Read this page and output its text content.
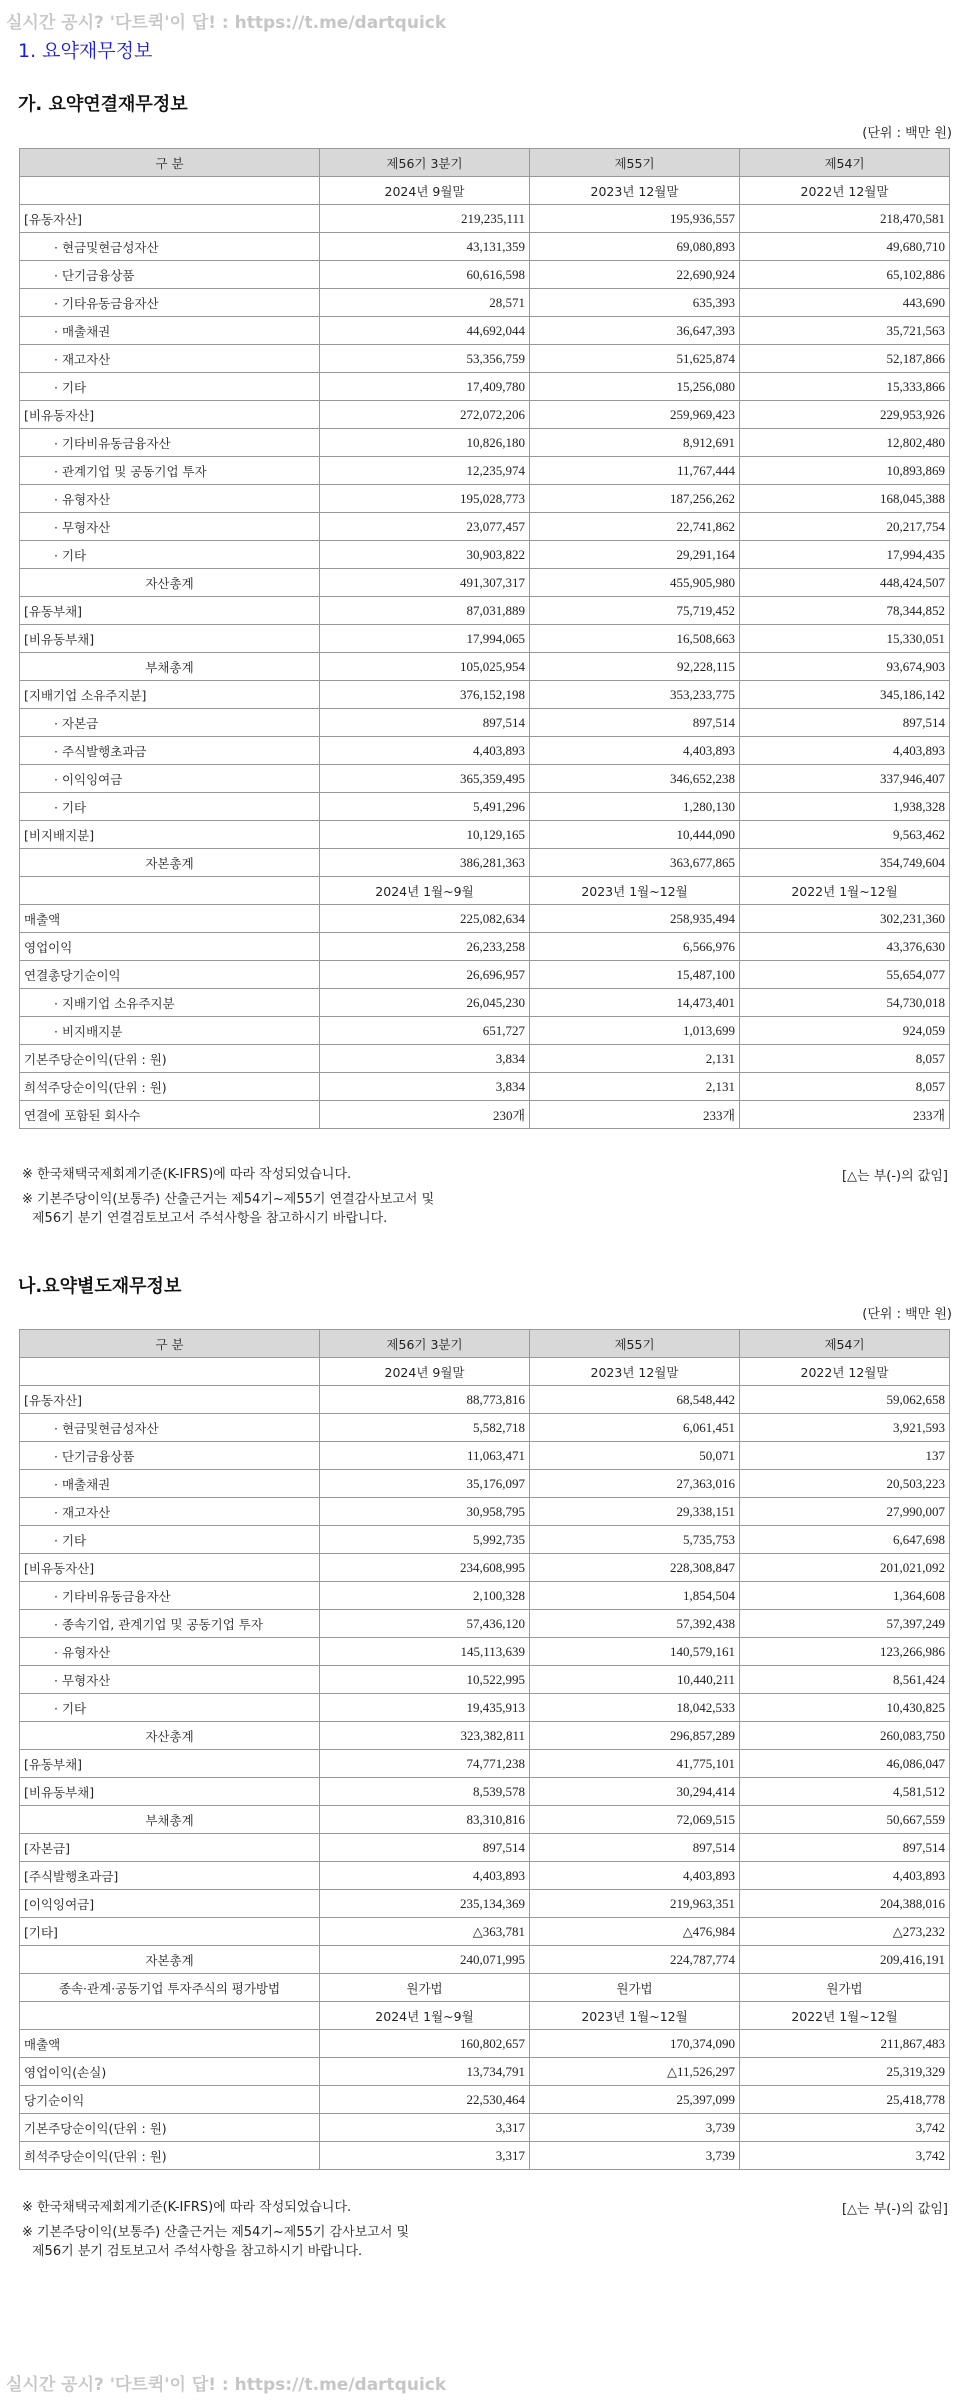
실시간 공시? '다트퀵'이 답! : https://t.me/dartquick
1. 요약재무정보
가. 요약연결재무정보
(단위 : 백만 원)
구 분	제56기 3분기	제55기	제54기
	2024년 9월말	2023년 12월말	2022년 12월말
[유동자산]	219,235,111	195,936,557	218,470,581
· 현금및현금성자산	43,131,359	69,080,893	49,680,710
· 단기금융상품	60,616,598	22,690,924	65,102,886
· 기타유동금융자산	28,571	635,393	443,690
· 매출채권	44,692,044	36,647,393	35,721,563
· 재고자산	53,356,759	51,625,874	52,187,866
· 기타	17,409,780	15,256,080	15,333,866
[비유동자산]	272,072,206	259,969,423	229,953,926
· 기타비유동금융자산	10,826,180	8,912,691	12,802,480
· 관계기업 및 공동기업 투자	12,235,974	11,767,444	10,893,869
· 유형자산	195,028,773	187,256,262	168,045,388
· 무형자산	23,077,457	22,741,862	20,217,754
· 기타	30,903,822	29,291,164	17,994,435
자산총계	491,307,317	455,905,980	448,424,507
[유동부채]	87,031,889	75,719,452	78,344,852
[비유동부채]	17,994,065	16,508,663	15,330,051
부채총계	105,025,954	92,228,115	93,674,903
[지배기업 소유주지분]	376,152,198	353,233,775	345,186,142
· 자본금	897,514	897,514	897,514
· 주식발행초과금	4,403,893	4,403,893	4,403,893
· 이익잉여금	365,359,495	346,652,238	337,946,407
· 기타	5,491,296	1,280,130	1,938,328
[비지배지분]	10,129,165	10,444,090	9,563,462
자본총계	386,281,363	363,677,865	354,749,604
	2024년 1월~9월	2023년 1월~12월	2022년 1월~12월
매출액	225,082,634	258,935,494	302,231,360
영업이익	26,233,258	6,566,976	43,376,630
연결총당기순이익	26,696,957	15,487,100	55,654,077
· 지배기업 소유주지분	26,045,230	14,473,401	54,730,018
· 비지배지분	651,727	1,013,699	924,059
기본주당순이익(단위 : 원)	3,834	2,131	8,057
희석주당순이익(단위 : 원)	3,834	2,131	8,057
연결에 포함된 회사수	230개	233개	233개
※ 한국채택국제회계기준(K-IFRS)에 따라 작성되었습니다.	[△는 부(-)의 값임]
※ 기본주당이익(보통주) 산출근거는 제54기~제55기 연결감사보고서 및
제56기 분기 연결검토보고서 주석사항을 참고하시기 바랍니다.
나.요약별도재무정보
(단위 : 백만 원)
구 분	제56기 3분기	제55기	제54기
	2024년 9월말	2023년 12월말	2022년 12월말
[유동자산]	88,773,816	68,548,442	59,062,658
· 현금및현금성자산	5,582,718	6,061,451	3,921,593
· 단기금융상품	11,063,471	50,071	137
· 매출채권	35,176,097	27,363,016	20,503,223
· 재고자산	30,958,795	29,338,151	27,990,007
· 기타	5,992,735	5,735,753	6,647,698
[비유동자산]	234,608,995	228,308,847	201,021,092
· 기타비유동금융자산	2,100,328	1,854,504	1,364,608
· 종속기업, 관계기업 및 공동기업 투자	57,436,120	57,392,438	57,397,249
· 유형자산	145,113,639	140,579,161	123,266,986
· 무형자산	10,522,995	10,440,211	8,561,424
· 기타	19,435,913	18,042,533	10,430,825
자산총계	323,382,811	296,857,289	260,083,750
[유동부채]	74,771,238	41,775,101	46,086,047
[비유동부채]	8,539,578	30,294,414	4,581,512
부채총계	83,310,816	72,069,515	50,667,559
[자본금]	897,514	897,514	897,514
[주식발행초과금]	4,403,893	4,403,893	4,403,893
[이익잉여금]	235,134,369	219,963,351	204,388,016
[기타]	△363,781	△476,984	△273,232
자본총계	240,071,995	224,787,774	209,416,191
종속·관계·공동기업 투자주식의 평가방법	원가법	원가법	원가법
	2024년 1월~9월	2023년 1월~12월	2022년 1월~12월
매출액	160,802,657	170,374,090	211,867,483
영업이익(손실)	13,734,791	△11,526,297	25,319,329
당기순이익	22,530,464	25,397,099	25,418,778
기본주당순이익(단위 : 원)	3,317	3,739	3,742
희석주당순이익(단위 : 원)	3,317	3,739	3,742
※ 한국채택국제회계기준(K-IFRS)에 따라 작성되었습니다.	[△는 부(-)의 값임]
※ 기본주당이익(보통주) 산출근거는 제54기~제55기 감사보고서 및
제56기 분기 검토보고서 주석사항을 참고하시기 바랍니다.
실시간 공시? '다트퀵'이 답! : https://t.me/dartquick
